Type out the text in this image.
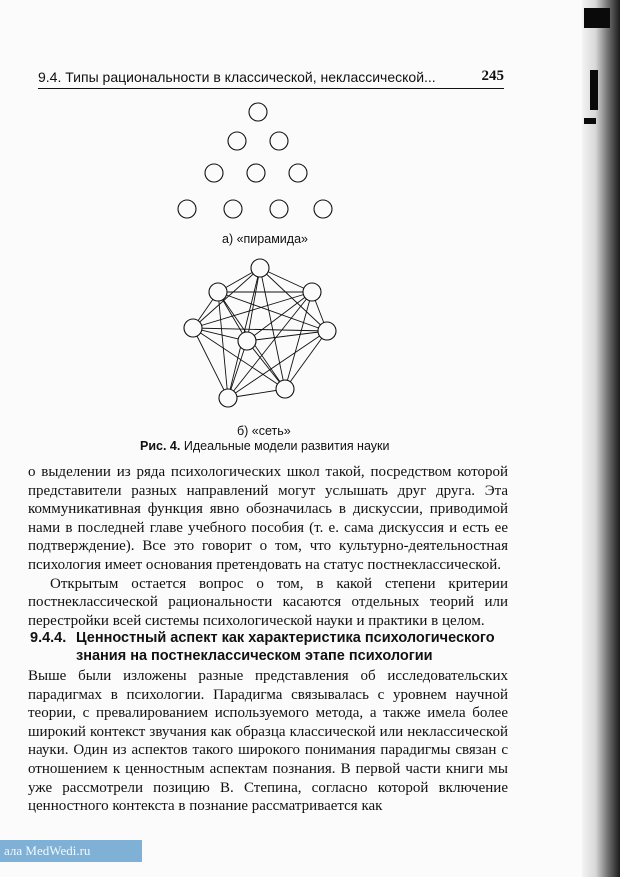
9.4. Типы рациональности в классической, неклассической...	245
а) «пирамида»
б) «сеть»
Рис. 4. Идеальные модели развития науки

о выделении из ряда психологических школ такой, посредством которой представители разных направлений могут услышать друг друга. Эта коммуникативная функция явно обозначилась в дискуссии, приводимой нами в последней главе учебного пособия (т. е. сама дискуссия и есть ее подтверждение). Все это говорит о том, что культурно-деятельностная психология имеет основания претендовать на статус постнеклассической.

Открытым остается вопрос о том, в какой степени критерии постнеклассической рациональности касаются отдельных теорий или перестройки всей системы психологической науки и практики в целом.

9.4.4. Ценностный аспект как характеристика психологического
знания на постнеклассическом этапе психологии

Выше были изложены разные представления об исследовательских парадигмах в психологии. Парадигма связывалась с уровнем научной теории, с превалированием используемого метода, а также имела более широкий контекст звучания как образца классической или неклассической науки. Один из аспектов такого широкого понимания парадигмы связан с отношением к ценностным аспектам познания. В первой части книги мы уже рассмотрели позицию В. Степина, согласно которой включение ценностного контекста в познание рассматривается как

ала MedWedi.ru
